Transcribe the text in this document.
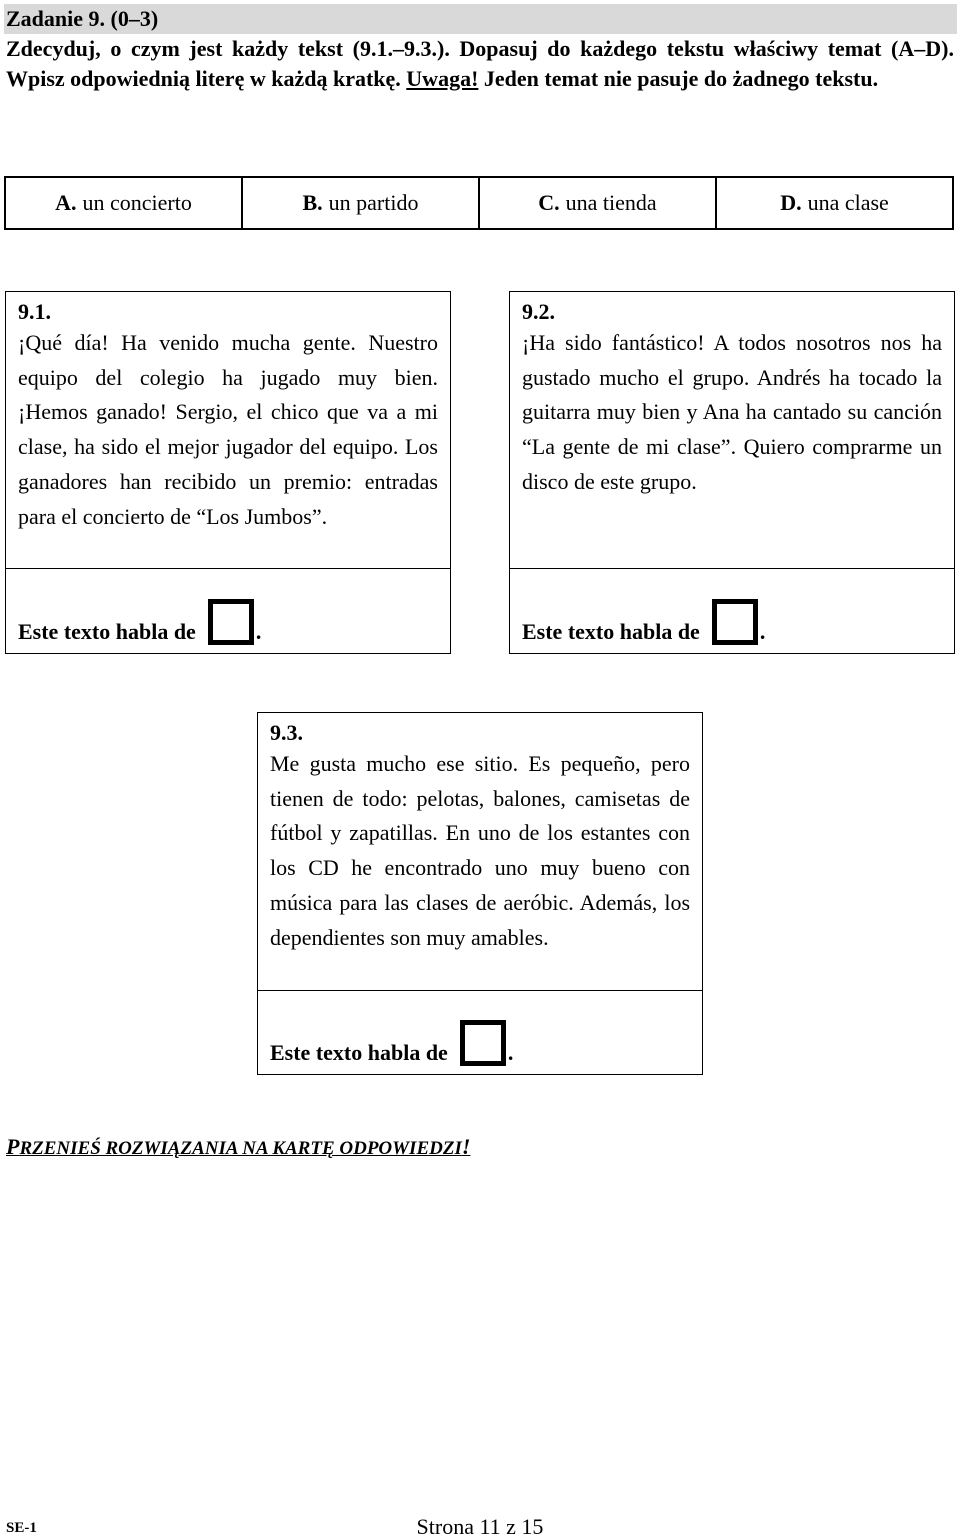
Zadanie 9. (0–3)
Zdecyduj, o czym jest każdy tekst (9.1.–9.3.). Dopasuj do każdego tekstu właściwy temat (A–D). Wpisz odpowiednią literę w każdą kratkę. Uwaga! Jeden temat nie pasuje do żadnego tekstu.
A. un concierto	B. un partido	C. una tienda	D. una clase
9.1.
¡Qué día! Ha venido mucha gente. Nuestro equipo del colegio ha jugado muy bien. ¡Hemos ganado! Sergio, el chico que va a mi clase, ha sido el mejor jugador del equipo. Los ganadores han recibido un premio: entradas para el concierto de “Los Jumbos”.
Este texto habla de	.
9.2.
¡Ha sido fantástico! A todos nosotros nos ha gustado mucho el grupo. Andrés ha tocado la guitarra muy bien y Ana ha cantado su canción “La gente de mi clase”. Quiero comprarme un disco de este grupo.
Este texto habla de	.
9.3.
Me gusta mucho ese sitio. Es pequeño, pero tienen de todo: pelotas, balones, camisetas de fútbol y zapatillas. En uno de los estantes con los CD he encontrado uno muy bueno con música para las clases de aeróbic. Además, los dependientes son muy amables.
Este texto habla de	.
PRZENIEŚ ROZWIĄZANIA NA KARTĘ ODPOWIEDZI!
SE-1	Strona 11 z 15
